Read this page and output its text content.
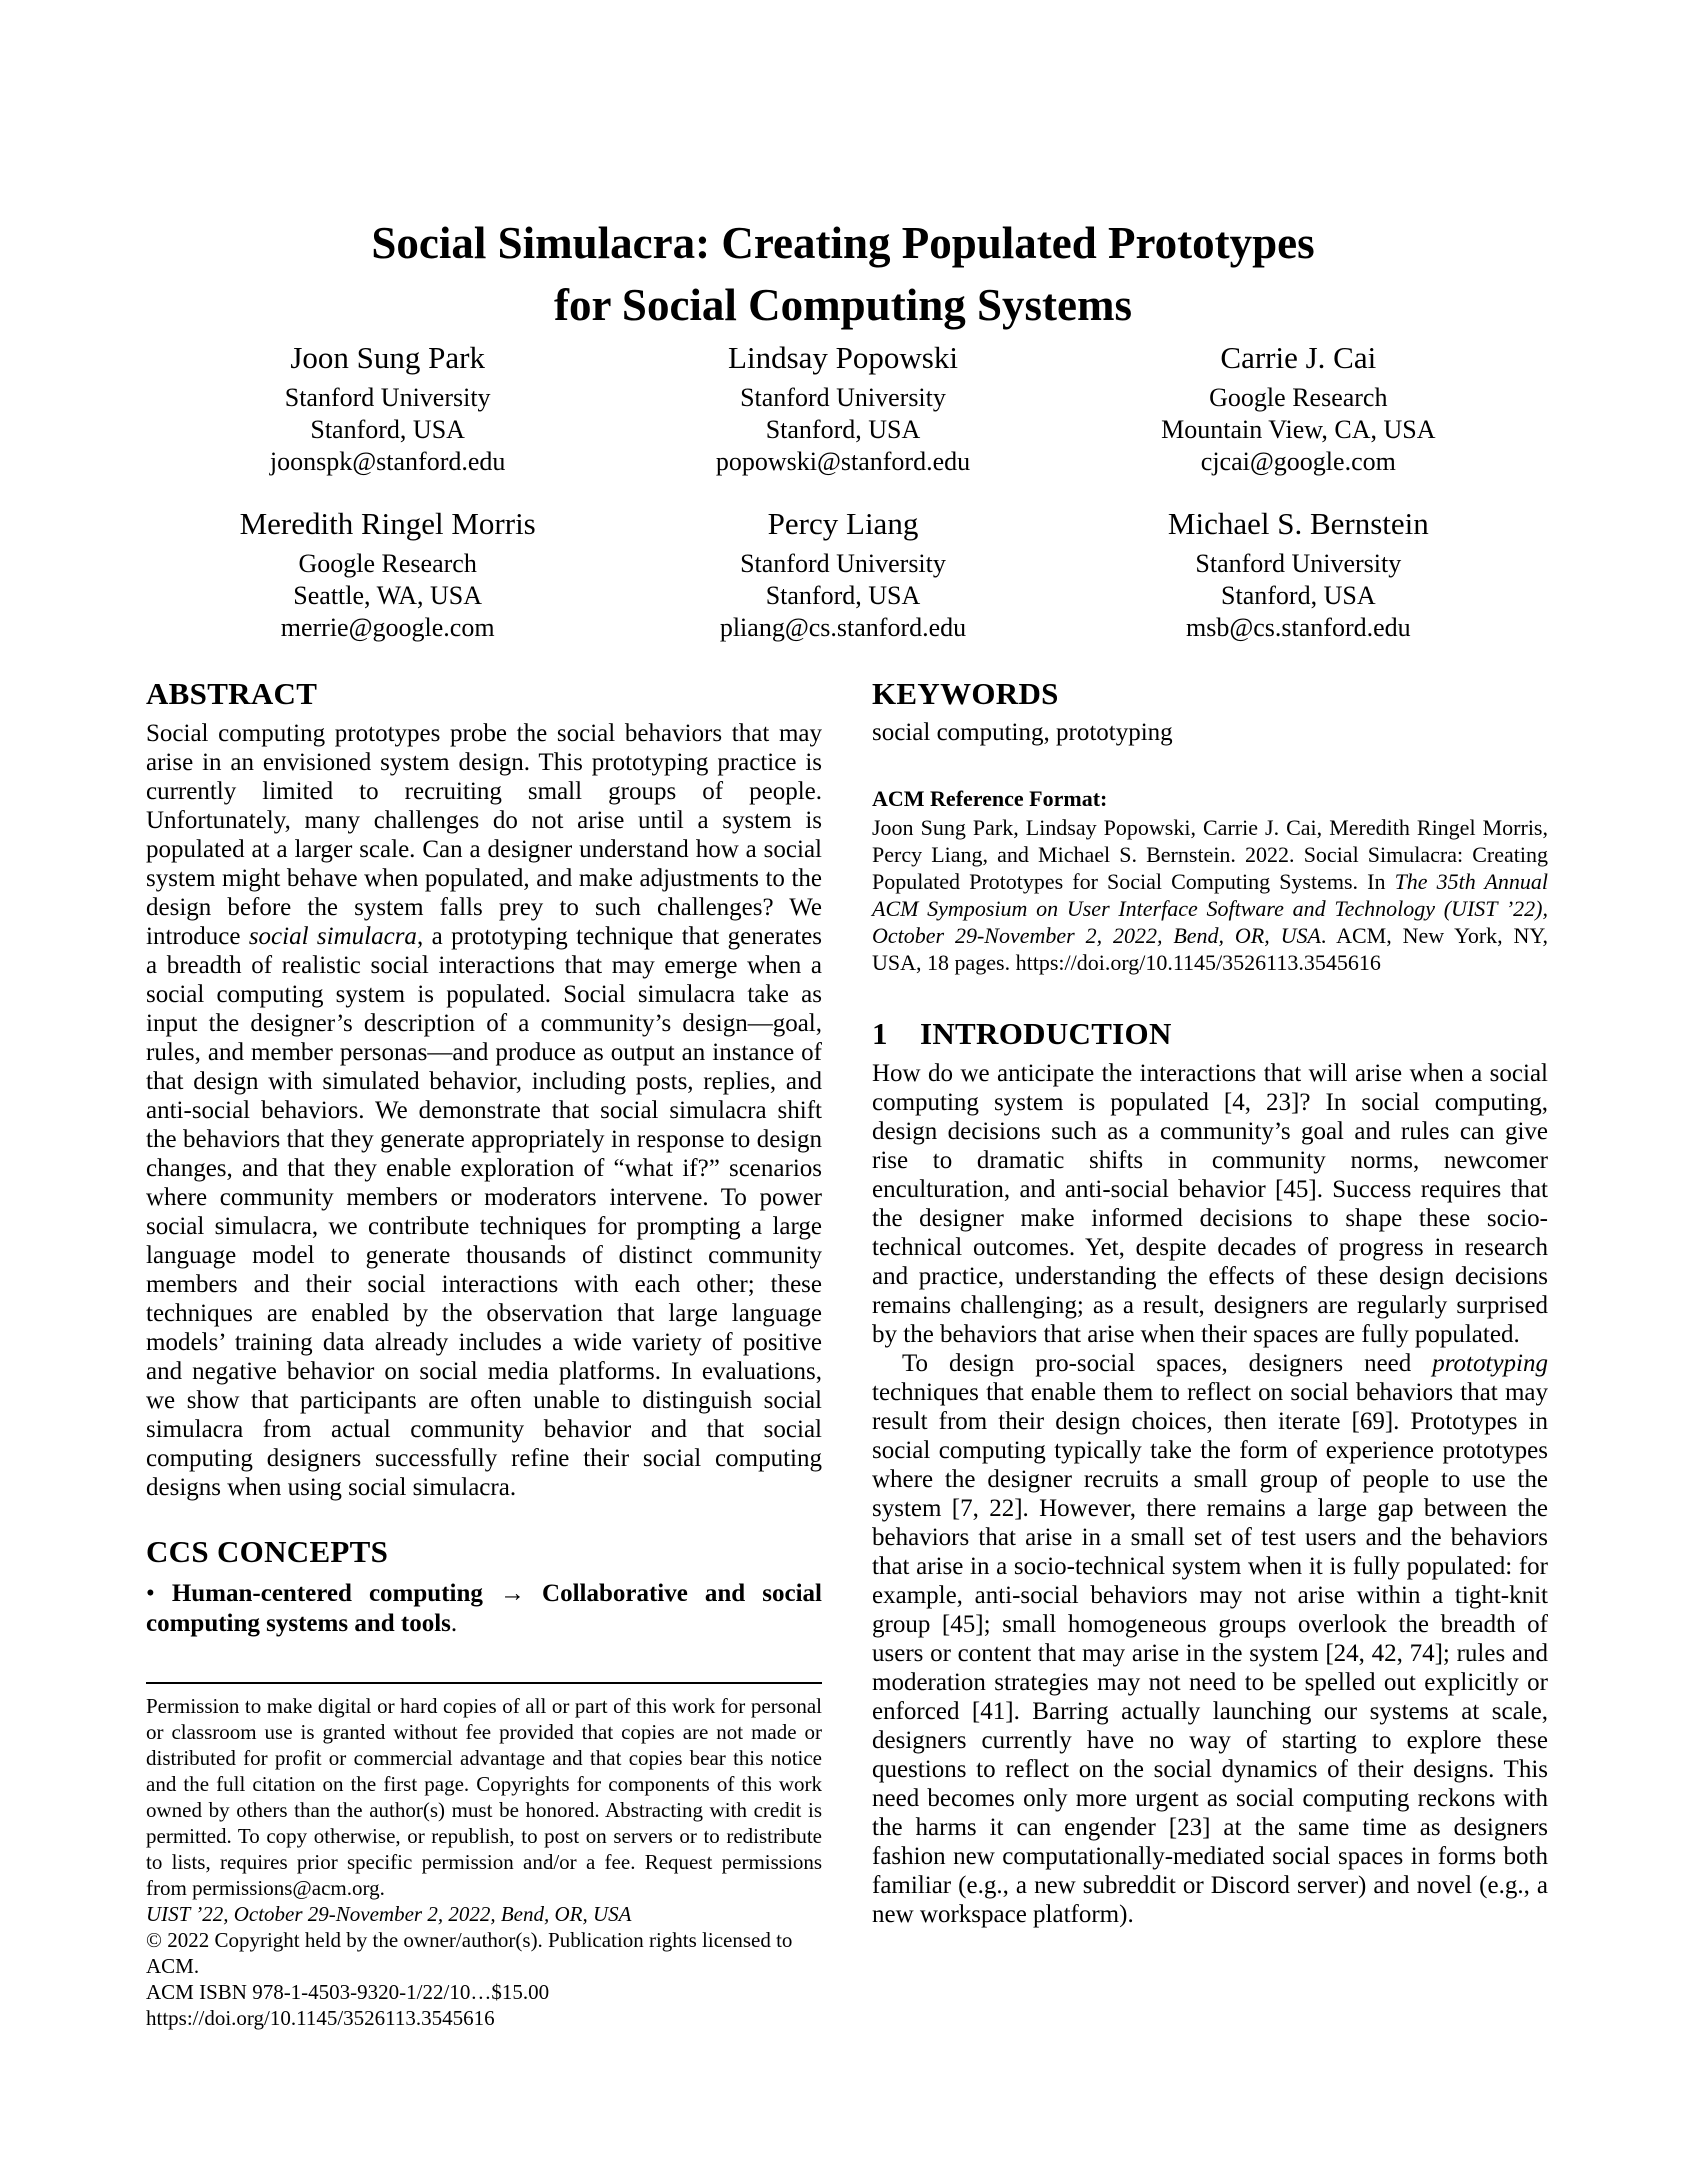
Social Simulacra: Creating Populated Prototypes
for Social Computing Systems
Joon Sung Park
Stanford University
Stanford, USA
joonspk@stanford.edu
Lindsay Popowski
Stanford University
Stanford, USA
popowski@stanford.edu
Carrie J. Cai
Google Research
Mountain View, CA, USA
cjcai@google.com
Meredith Ringel Morris
Google Research
Seattle, WA, USA
merrie@google.com
Percy Liang
Stanford University
Stanford, USA
pliang@cs.stanford.edu
Michael S. Bernstein
Stanford University
Stanford, USA
msb@cs.stanford.edu
ABSTRACT

Social computing prototypes probe the social behaviors that may arise in an envisioned system design. This prototyping practice is currently limited to recruiting small groups of people. Unfortunately, many challenges do not arise until a system is populated at a larger scale. Can a designer understand how a social system might behave when populated, and make adjustments to the design before the system falls prey to such challenges? We introduce social simulacra, a prototyping technique that generates a breadth of realistic social interactions that may emerge when a social computing system is populated. Social simulacra take as input the designer’s description of a community’s design—goal, rules, and member personas—and produce as output an instance of that design with simulated behavior, including posts, replies, and anti-social behaviors. We demonstrate that social simulacra shift the behaviors that they generate appropriately in response to design changes, and that they enable exploration of “what if?” scenarios where community members or moderators intervene. To power social simulacra, we contribute techniques for prompting a large language model to generate thousands of distinct community members and their social interactions with each other; these techniques are enabled by the observation that large language models’ training data already includes a wide variety of positive and negative behavior on social media platforms. In evaluations, we show that participants are often unable to distinguish social simulacra from actual community behavior and that social computing designers successfully refine their social computing designs when using social simulacra.

CCS CONCEPTS

• Human-centered computing → Collaborative and social computing systems and tools.

Permission to make digital or hard copies of all or part of this work for personal or classroom use is granted without fee provided that copies are not made or distributed for profit or commercial advantage and that copies bear this notice and the full citation on the first page. Copyrights for components of this work owned by others than the author(s) must be honored. Abstracting with credit is permitted. To copy otherwise, or republish, to post on servers or to redistribute to lists, requires prior specific permission and/or a fee. Request permissions from permissions@acm.org.
UIST ’22, October 29-November 2, 2022, Bend, OR, USA
© 2022 Copyright held by the owner/author(s). Publication rights licensed to ACM.
ACM ISBN 978-1-4503-9320-1/22/10…$15.00
https://doi.org/10.1145/3526113.3545616
KEYWORDS

social computing, prototyping

ACM Reference Format:

Joon Sung Park, Lindsay Popowski, Carrie J. Cai, Meredith Ringel Morris, Percy Liang, and Michael S. Bernstein. 2022. Social Simulacra: Creating Populated Prototypes for Social Computing Systems. In The 35th Annual ACM Symposium on User Interface Software and Technology (UIST ’22), October 29-November 2, 2022, Bend, OR, USA. ACM, New York, NY, USA, 18 pages. https://doi.org/10.1145/3526113.3545616

1 INTRODUCTION

How do we anticipate the interactions that will arise when a social computing system is populated [4, 23]? In social computing, design decisions such as a community’s goal and rules can give rise to dramatic shifts in community norms, newcomer enculturation, and anti-social behavior [45]. Success requires that the designer make informed decisions to shape these socio-technical outcomes. Yet, despite decades of progress in research and practice, understanding the effects of these design decisions remains challenging; as a result, designers are regularly surprised by the behaviors that arise when their spaces are fully populated.

To design pro-social spaces, designers need prototyping techniques that enable them to reflect on social behaviors that may result from their design choices, then iterate [69]. Prototypes in social computing typically take the form of experience prototypes where the designer recruits a small group of people to use the system [7, 22]. However, there remains a large gap between the behaviors that arise in a small set of test users and the behaviors that arise in a socio-technical system when it is fully populated: for example, anti-social behaviors may not arise within a tight-knit group [45]; small homogeneous groups overlook the breadth of users or content that may arise in the system [24, 42, 74]; rules and moderation strategies may not need to be spelled out explicitly or enforced [41]. Barring actually launching our systems at scale, designers currently have no way of starting to explore these questions to reflect on the social dynamics of their designs. This need becomes only more urgent as social computing reckons with the harms it can engender [23] at the same time as designers fashion new computationally-mediated social spaces in forms both familiar (e.g., a new subreddit or Discord server) and novel (e.g., a new workspace platform).
